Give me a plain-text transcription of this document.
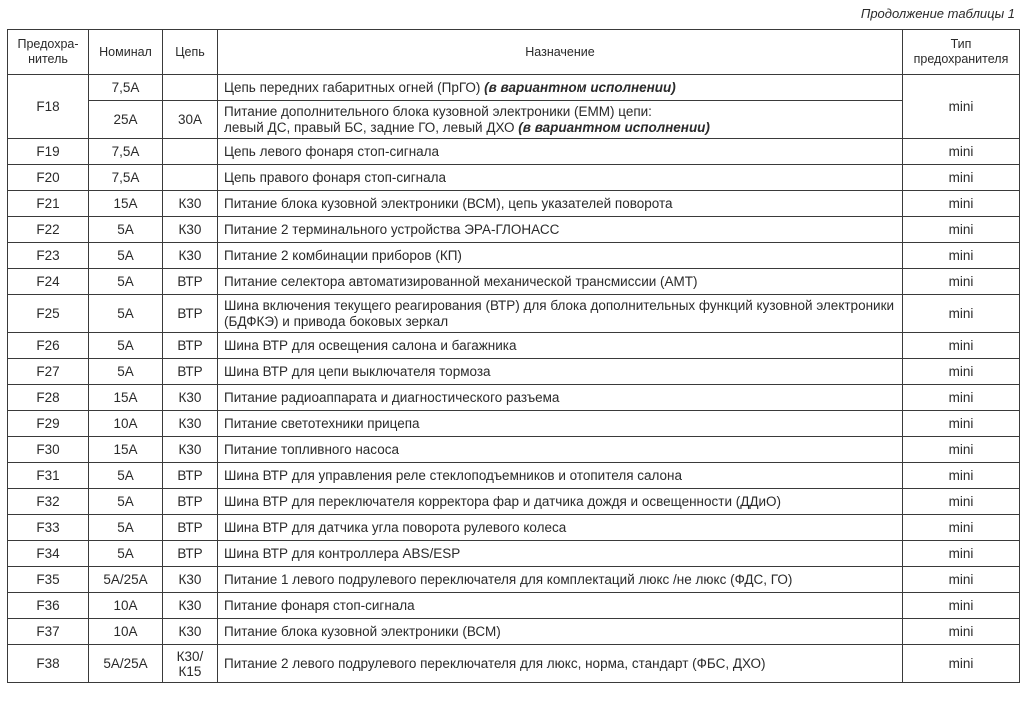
Продолжение таблицы 1
Предохра-
нитель	Номинал	Цепь	Назначение	Тип
предохранителя
F18	7,5А		Цепь передних габаритных огней (ПрГО) (в вариантном исполнении)	mini
	25А	30А	Питание дополнительного блока кузовной электроники (ЕММ) цепи:
левый ДС, правый БС, задние ГО, левый ДХО (в вариантном исполнении)	
F19	7,5А		Цепь левого фонаря стоп-сигнала	mini
F20	7,5А		Цепь правого фонаря стоп-сигнала	mini
F21	15А	К30	Питание блока кузовной электроники (ВСМ), цепь указателей поворота	mini
F22	5А	К30	Питание 2 терминального устройства ЭРА-ГЛОНАСС	mini
F23	5А	К30	Питание 2 комбинации приборов (КП)	mini
F24	5А	ВТР	Питание селектора автоматизированной механической трансмиссии (АМТ)	mini
F25	5А	ВТР	Шина включения текущего реагирования (ВТР) для блока дополнительных функций кузовной электроники (БДФКЭ) и привода боковых зеркал	mini
F26	5А	ВТР	Шина ВТР для освещения салона и багажника	mini
F27	5А	ВТР	Шина ВТР для цепи выключателя тормоза	mini
F28	15А	К30	Питание радиоаппарата и диагностического разъема	mini
F29	10А	К30	Питание светотехники прицепа	mini
F30	15А	К30	Питание топливного насоса	mini
F31	5А	ВТР	Шина ВТР для управления реле стеклоподъемников и отопителя салона	mini
F32	5А	ВТР	Шина ВТР для переключателя корректора фар и датчика дождя и освещенности (ДДиО)	mini
F33	5А	ВТР	Шина ВТР для датчика угла поворота рулевого колеса	mini
F34	5А	ВТР	Шина ВТР для контроллера ABS/ESP	mini
F35	5А/25А	К30	Питание 1 левого подрулевого переключателя для комплектаций люкс /не люкс (ФДС, ГО)	mini
F36	10А	К30	Питание фонаря стоп-сигнала	mini
F37	10А	К30	Питание блока кузовной электроники (ВСМ)	mini
F38	5А/25А	К30/
К15	Питание 2 левого подрулевого переключателя для люкс, норма, стандарт (ФБС, ДХО)	mini
